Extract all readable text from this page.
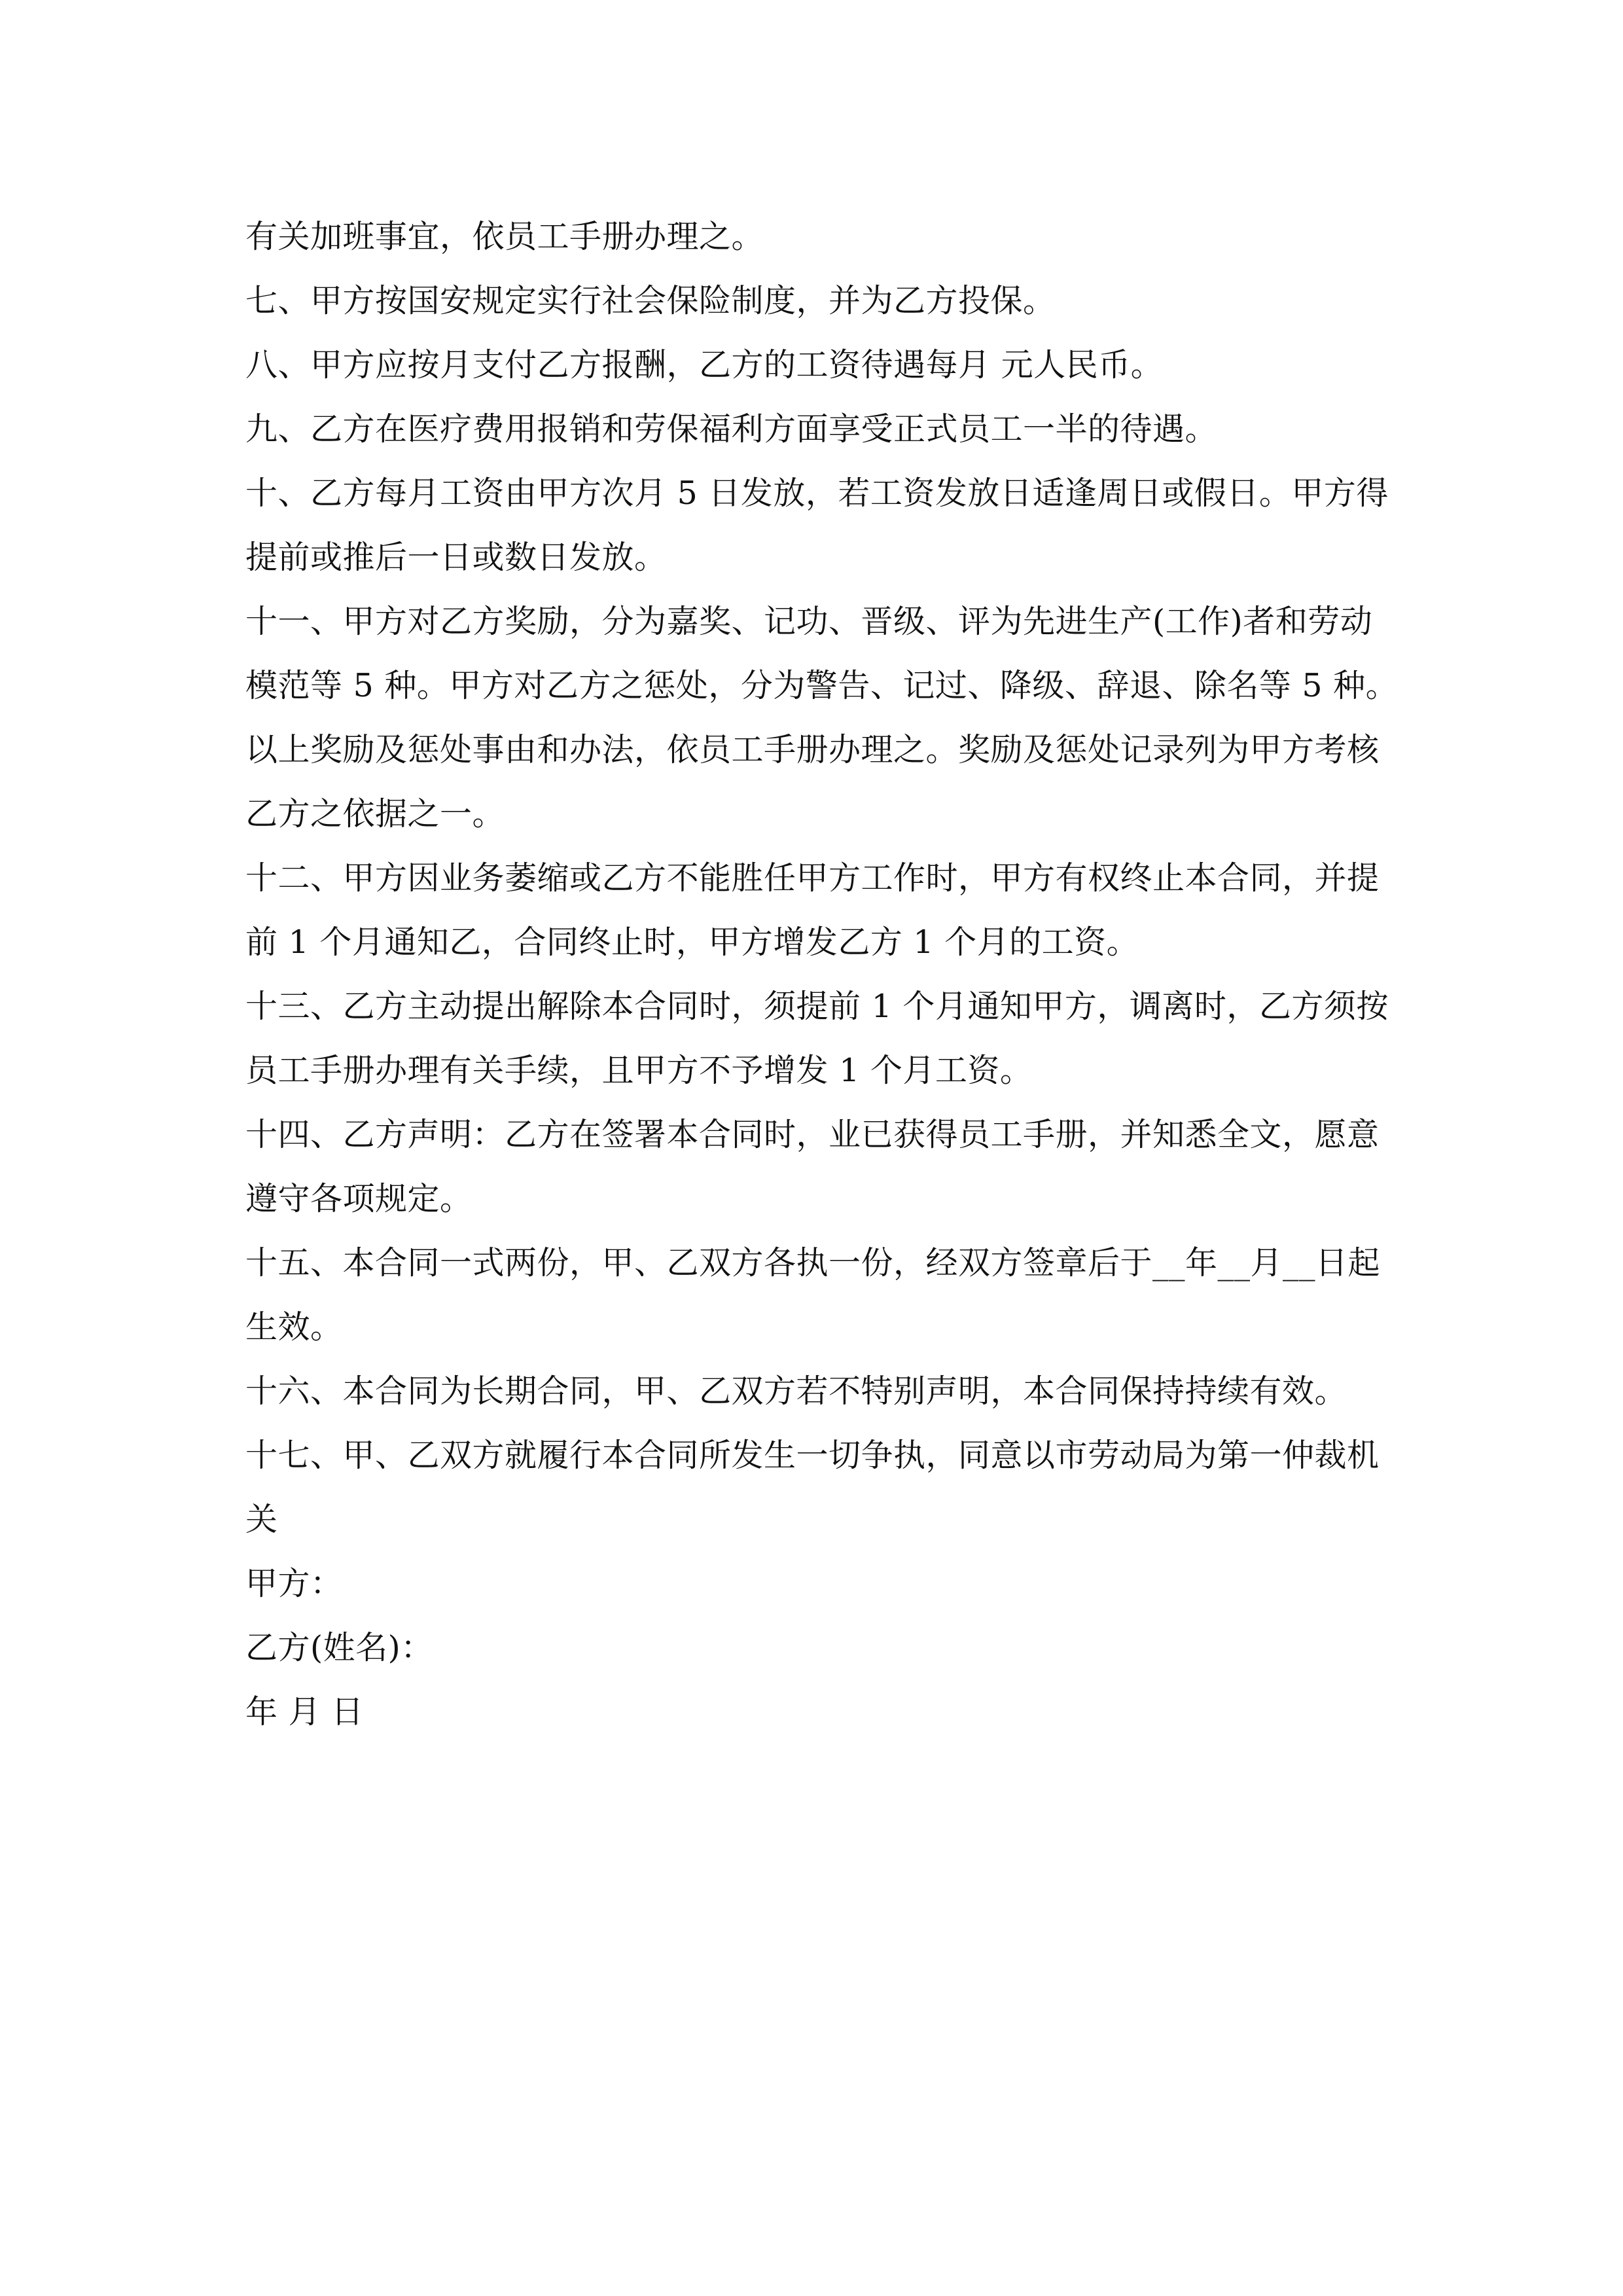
有关加班事宜，依员工手册办理之。
七、甲方按国安规定实行社会保险制度，并为乙方投保。
八、甲方应按月支付乙方报酬，乙方的工资待遇每月 元人民币。
九、乙方在医疗费用报销和劳保福利方面享受正式员工一半的待遇。
十、乙方每月工资由甲方次月 5 日发放，若工资发放日适逢周日或假日。甲方得
提前或推后一日或数日发放。
十一、甲方对乙方奖励，分为嘉奖、记功、晋级、评为先进生产(工作)者和劳动
模范等 5 种。甲方对乙方之惩处，分为警告、记过、降级、辞退、除名等 5 种。
以上奖励及惩处事由和办法，依员工手册办理之。奖励及惩处记录列为甲方考核
乙方之依据之一。
十二、甲方因业务萎缩或乙方不能胜任甲方工作时，甲方有权终止本合同，并提
前 1 个月通知乙，合同终止时，甲方增发乙方 1 个月的工资。
十三、乙方主动提出解除本合同时，须提前 1 个月通知甲方，调离时，乙方须按
员工手册办理有关手续，且甲方不予增发 1 个月工资。
十四、乙方声明：乙方在签署本合同时，业已获得员工手册，并知悉全文，愿意
遵守各项规定。
十五、本合同一式两份，甲、乙双方各执一份，经双方签章后于__年__月__日起
生效。
十六、本合同为长期合同，甲、乙双方若不特别声明，本合同保持持续有效。
十七、甲、乙双方就履行本合同所发生一切争执，同意以市劳动局为第一仲裁机
关
甲方：
乙方(姓名)：
年 月 日
